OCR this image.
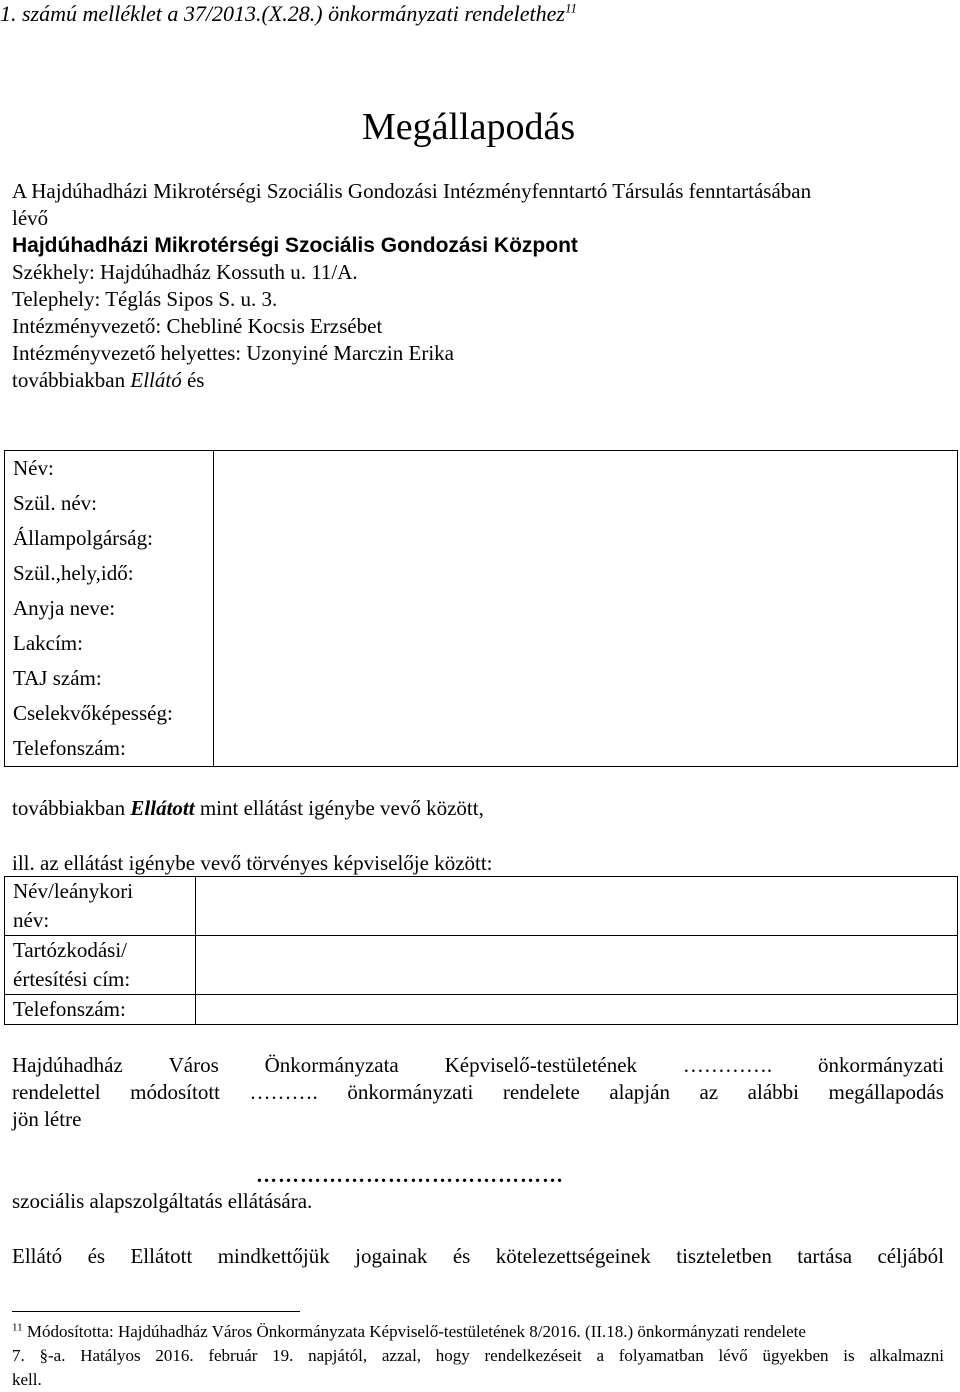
1. számú melléklet a 37/2013.(X.28.) önkormányzati rendelethez$^{11}$
Megállapodás
A Hajdúhadházi Mikrotérségi Szociális Gondozási Intézményfenntartó Társulás fenntartásában
lévő
Hajdúhadházi Mikrotérségi Szociális Gondozási Központ
Székhely: Hajdúhadház Kossuth u. 11/A.
Telephely: Téglás Sipos S. u. 3.
Intézményvezető: Chebliné Kocsis Erzsébet
Intézményvezető helyettes: Uzonyiné Marczin Erika
továbbiakban Ellátó és
Név:
Szül. név:
Állampolgárság:
Szül.,hely,idő:
Anyja neve:
Lakcím:
TAJ szám:
Cselekvőképesség:
Telefonszám:

továbbiakban Ellátott mint ellátást igénybe vevő között,
ill. az ellátást igénybe vevő törvényes képviselője között:
Név/leánykori
név:	

Tartózkodási/
értesítési cím:	

Telefonszám:	

Hajdúhadház Város Önkormányzata Képviselő-testületének …………. önkormányzati
rendelettel módosított ………. önkormányzati rendelete alapján az alábbi megállapodás
jön létre
……………………………………
szociális alapszolgáltatás ellátására.
Ellátó és Ellátott mindkettőjük jogainak és kötelezettségeinek tiszteletben tartása céljából
$^{11}$ Módosította: Hajdúhadház Város Önkormányzata Képviselő-testületének 8/2016. (II.18.) önkormányzati rendelete
7. §-a. Hatályos 2016. február 19. napjától, azzal, hogy rendelkezéseit a folyamatban lévő ügyekben is alkalmazni
kell.
